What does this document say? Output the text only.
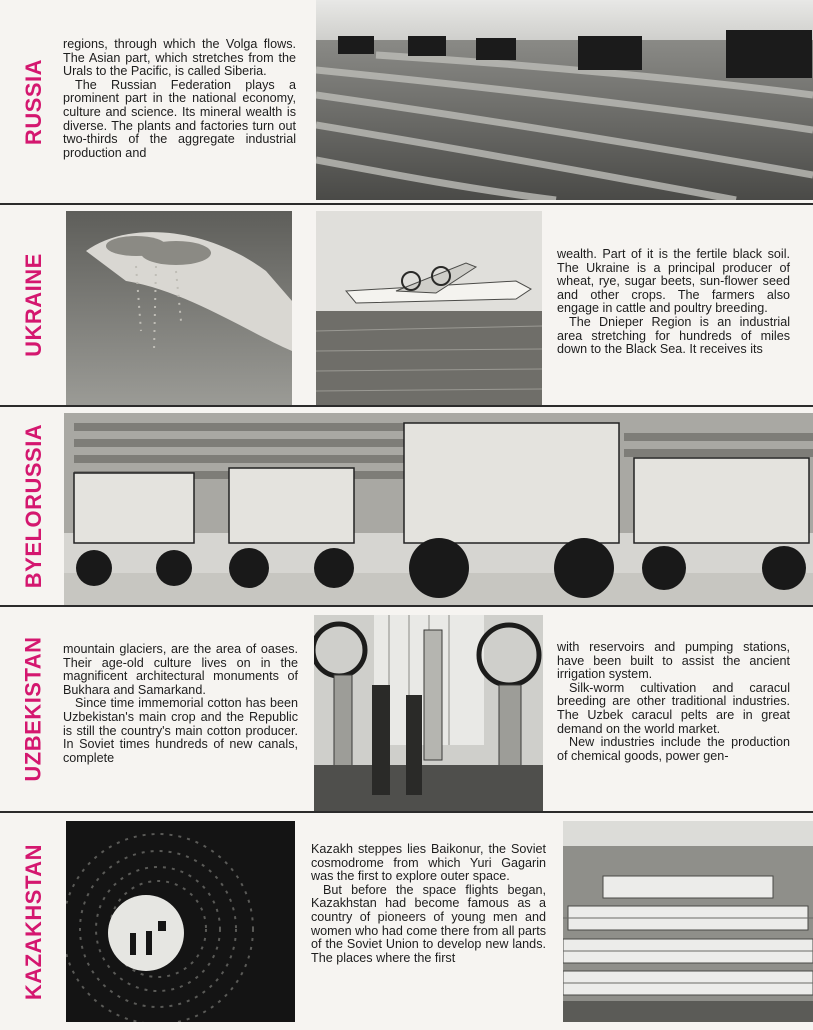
RUSSIA

regions, through which the Volga flows. The Asian part, which stretches from the Urals to the Pacific, is called Siberia.

The Russian Federation plays a prominent part in the national economy, culture and science. Its mineral wealth is diverse. The plants and factories turn out two-thirds of the aggregate industrial production and

UKRAINE	wealth. Part of it is the fertile black soil. The Ukraine is a principal producer of wheat, rye, sugar beets, sun-flower seed and other crops. The farmers also engage in cattle and poultry breeding.

The Dnieper Region is an industrial area stretching for hundreds of miles down to the Black Sea. It receives its

BYELORUSSIA
UZBEKISTAN mountain glaciers, are the area of oases. Their age-old culture lives on in the magnificent architectural monuments of Bukhara and Samarkand.

Since time immemorial cotton has been Uzbekistan's main crop and the Republic is still the country's main cotton producer. In Soviet times hundreds of new canals, complete

with reservoirs and pumping stations, have been built to assist the ancient irrigation system.

Silk-worm cultivation and caracul breeding are other traditional industries. The Uzbek caracul pelts are in great demand on the world market.

New industries include the production of chemical goods, power gen-

KAZAKHSTAN	Kazakh steppes lies Baikonur, the Soviet cosmodrome from which Yuri Gagarin was the first to explore outer space.

But before the space flights began, Kazakhstan had become famous as a country of pioneers of young men and women who had come there from all parts of the Soviet Union to develop new lands. The places where the first
